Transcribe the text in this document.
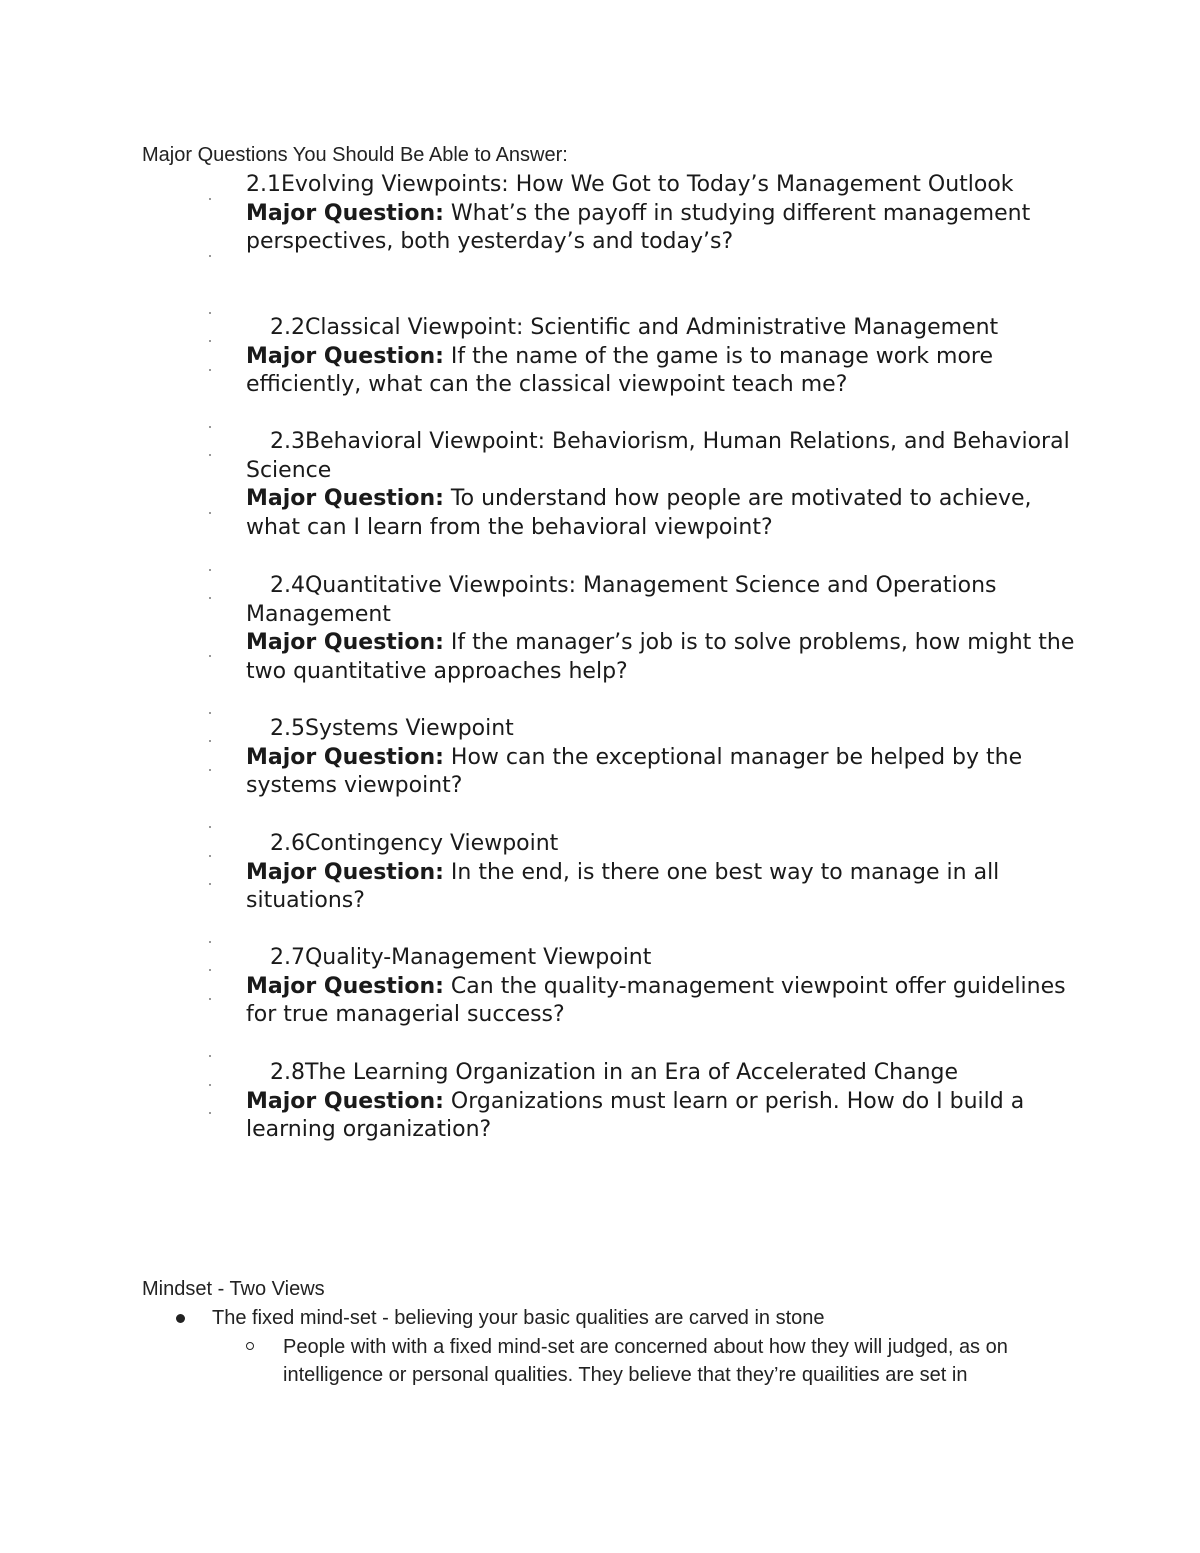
Major Questions You Should Be Able to Answer:
2.1Evolving Viewpoints: How We Got to Today’s Management Outlook
Major Question: What’s the payoff in studying different management perspectives, both yesterday’s and today’s?
2.2Classical Viewpoint: Scientific and Administrative Management
Major Question: If the name of the game is to manage work more efficiently, what can the classical viewpoint teach me?
2.3Behavioral Viewpoint: Behaviorism, Human Relations, and Behavioral Science
Major Question: To understand how people are motivated to achieve, what can I learn from the behavioral viewpoint?
2.4Quantitative Viewpoints: Management Science and Operations Management
Major Question: If the manager’s job is to solve problems, how might the two quantitative approaches help?
2.5Systems Viewpoint
Major Question: How can the exceptional manager be helped by the systems viewpoint?
2.6Contingency Viewpoint
Major Question: In the end, is there one best way to manage in all situations?
2.7Quality-Management Viewpoint
Major Question: Can the quality-management viewpoint offer guidelines for true managerial success?
2.8The Learning Organization in an Era of Accelerated Change
Major Question: Organizations must learn or perish. How do I build a learning organization?
Mindset - Two Views
The fixed mind-set - believing your basic qualities are carved in stone
People with with a fixed mind-set are concerned about how they will judged, as on intelligence or personal qualities. They believe that they’re quailities are set in
